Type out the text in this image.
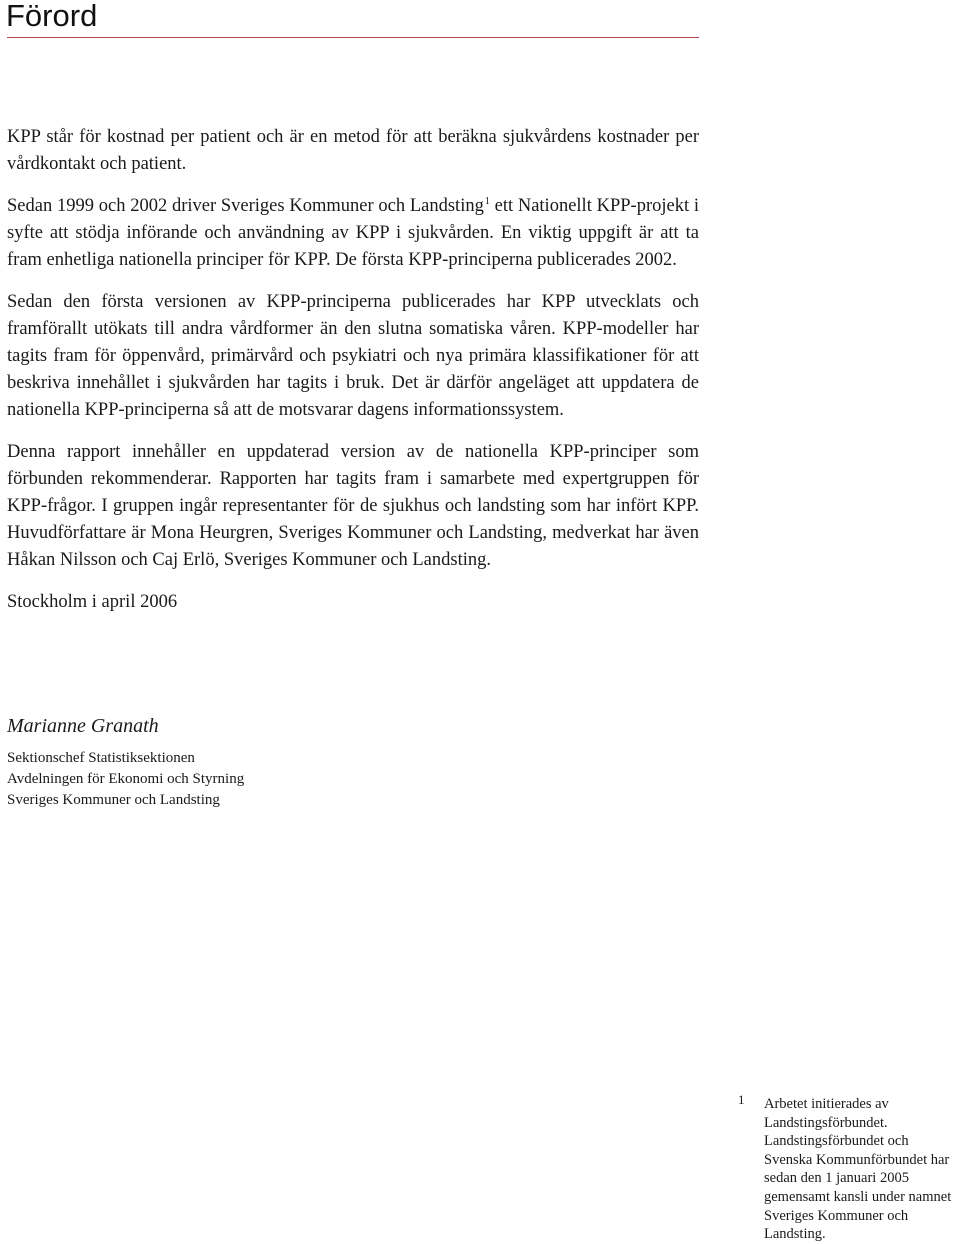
Förord

KPP står för kostnad per patient och är en metod för att beräkna sjukvårdens kostnader per vårdkontakt och patient.

Sedan 1999 och 2002 driver Sveriges Kommuner och Landsting$^1$ ett Nationellt KPP-projekt i syfte att stödja införande och användning av KPP i sjukvården. En viktig uppgift är att ta fram enhetliga nationella principer för KPP. De första KPP-principerna publicerades 2002.

Sedan den första versionen av KPP-principerna publicerades har KPP utvecklats och framförallt utökats till andra vårdformer än den slutna somatiska våren. KPP-modeller har tagits fram för öppenvård, primärvård och psykiatri och nya primära klassifikationer för att beskriva innehållet i sjukvården har tagits i bruk. Det är därför angeläget att uppdatera de nationella KPP-principerna så att de motsvarar dagens informationssystem.

Denna rapport innehåller en uppdaterad version av de nationella KPP-principer som förbunden rekommenderar. Rapporten har tagits fram i samarbete med expertgruppen för KPP-frågor. I gruppen ingår representanter för de sjukhus och landsting som har infört KPP. Huvudförfattare är Mona Heurgren, Sveriges Kommuner och Landsting, medverkat har även Håkan Nilsson och Caj Erlö, Sveriges Kommuner och Landsting.

Stockholm i april 2006

Marianne Granath
Sektionschef Statistiksektionen
Avdelningen för Ekonomi och Styrning
Sveriges Kommuner och Landsting
1 Arbetet initierades av Landstingsförbundet. Landstingsförbundet och Svenska Kommunförbundet har sedan den 1 januari 2005 gemensamt kansli under namnet Sveriges Kommuner och Landsting.
